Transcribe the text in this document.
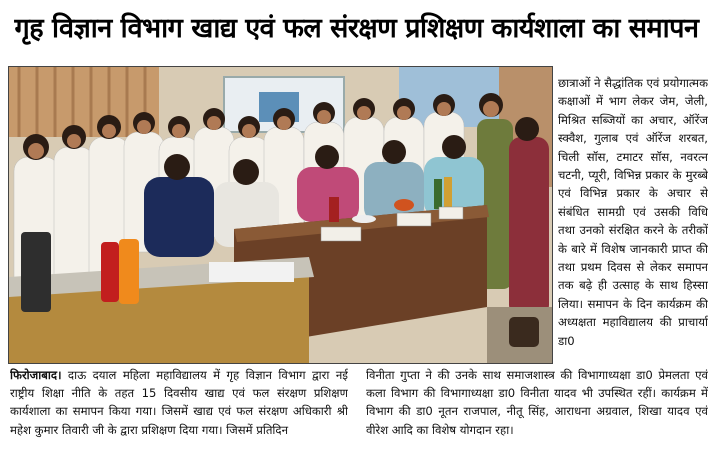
गृह विज्ञान विभाग खाद्य एवं फल संरक्षण प्रशिक्षण कार्यशाला का समापन
छात्राओं ने सैद्धांतिक एवं प्रयोगात्मक कक्षाओं में भाग लेकर जेम, जेली, मिश्रित सब्जियों का अचार, ऑरेंज स्क्वैश, गुलाब एवं ऑरेंज शरबत, चिली सॉस, टमाटर सॉस, नवरत्न चटनी, प्यूरी, विभिन्न प्रकार के मुरब्बे एवं विभिन्न प्रकार के अचार से संबंधित सामग्री एवं उसकी विधि तथा उनको संरक्षित करने के तरीकों के बारे में विशेष जानकारी प्राप्त की तथा प्रथम दिवस से लेकर समापन तक बढ़े ही उत्साह के साथ हिस्सा लिया। समापन के दिन कार्यक्रम की अध्यक्षता महाविद्यालय की प्राचार्या डा0
फिरोजाबाद। दाऊ दयाल महिला महाविद्यालय में गृह विज्ञान विभाग द्वारा नई राष्ट्रीय शिक्षा नीति के तहत 15 दिवसीय खाद्य एवं फल संरक्षण प्रशिक्षण कार्यशाला का समापन किया गया। जिसमें खाद्य एवं फल संरक्षण अधिकारी श्री महेश कुमार तिवारी जी के द्वारा प्रशिक्षण दिया गया। जिसमें प्रतिदिन
विनीता गुप्ता ने की उनके साथ समाजशास्त्र की विभागाध्यक्षा डा0 प्रेमलता एवं कला विभाग की विभागाध्यक्षा डा0 विनीता यादव भी उपस्थित रहीं। कार्यक्रम में विभाग की डा0 नूतन राजपाल, नीतू सिंह, आराधना अग्रवाल, शिखा यादव एवं वीरेश आदि का विशेष योगदान रहा।
